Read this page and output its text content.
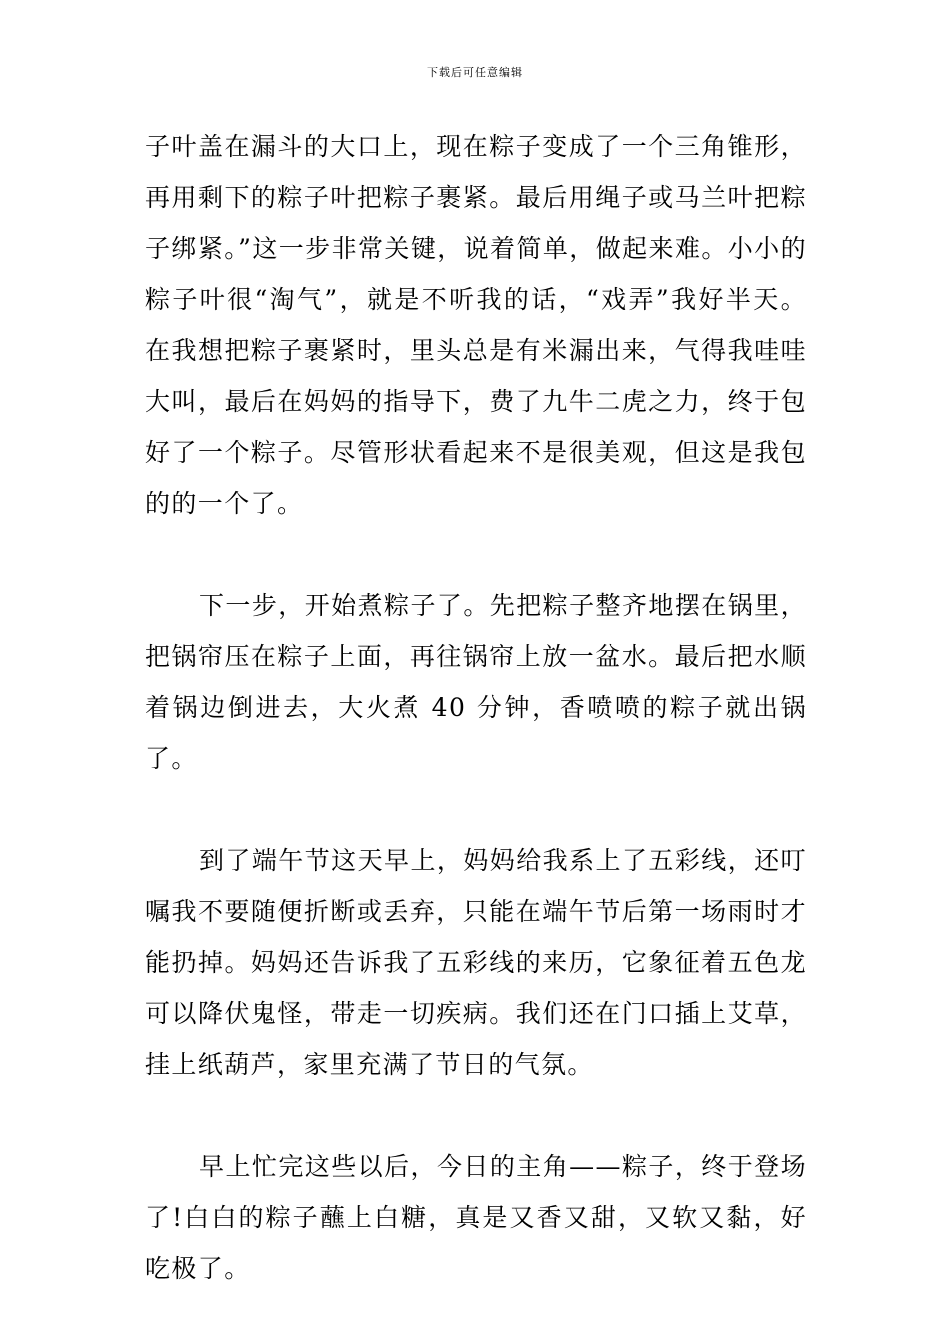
下载后可任意编辑

子叶盖在漏斗的大口上，现在粽子变成了一个三角锥形，再用剩下的粽子叶把粽子裹紧。最后用绳子或马兰叶把粽子绑紧。”这一步非常关键，说着简单，做起来难。小小的粽子叶很“淘气”，就是不听我的话，“戏弄”我好半天。在我想把粽子裹紧时，里头总是有米漏出来，气得我哇哇大叫，最后在妈妈的指导下，费了九牛二虎之力，终于包好了一个粽子。尽管形状看起来不是很美观，但这是我包的的一个了。

下一步，开始煮粽子了。先把粽子整齐地摆在锅里，把锅帘压在粽子上面，再往锅帘上放一盆水。最后把水顺着锅边倒进去，大火煮 40 分钟，香喷喷的粽子就出锅了。

到了端午节这天早上，妈妈给我系上了五彩线，还叮嘱我不要随便折断或丢弃，只能在端午节后第一场雨时才能扔掉。妈妈还告诉我了五彩线的来历，它象征着五色龙可以降伏鬼怪，带走一切疾病。我们还在门口插上艾草，挂上纸葫芦，家里充满了节日的气氛。

早上忙完这些以后，今日的主角——粽子，终于登场了!白白的粽子蘸上白糖，真是又香又甜，又软又黏，好吃极了。
